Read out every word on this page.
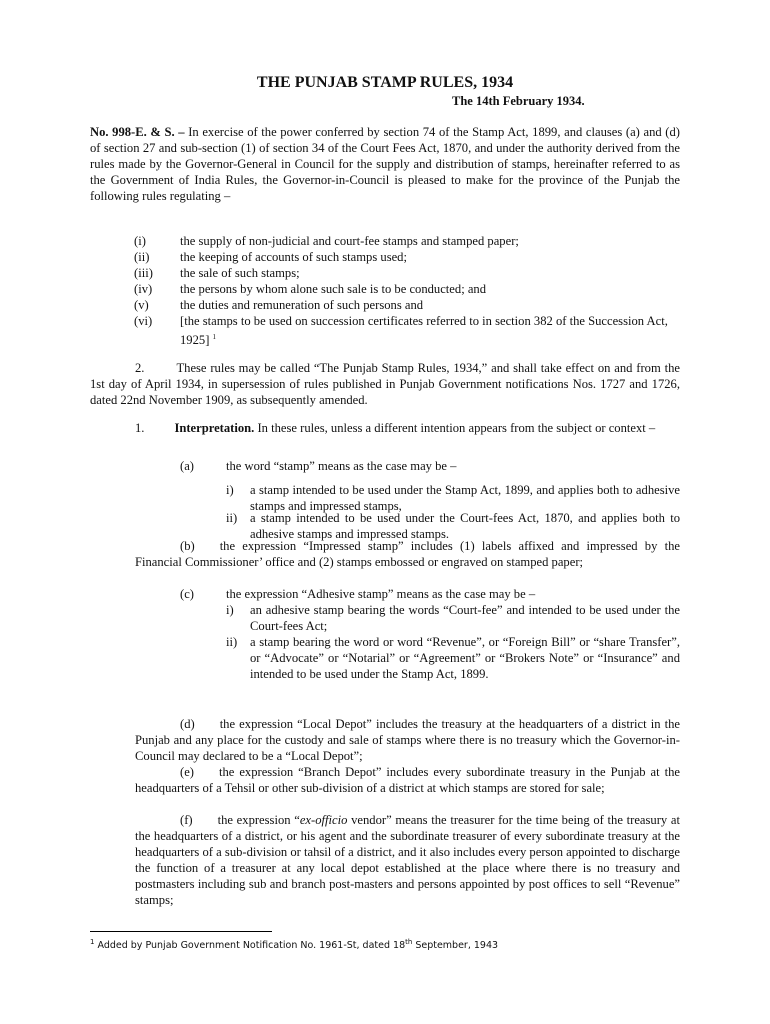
THE PUNJAB STAMP RULES, 1934
The 14th February 1934.

No. 998-E. & S. – In exercise of the power conferred by section 74 of the Stamp Act, 1899, and clauses (a) and (d) of section 27 and sub-section (1) of section 34 of the Court Fees Act, 1870, and under the authority derived from the rules made by the Governor-General in Council for the supply and distribution of stamps, hereinafter referred to as the Government of India Rules, the Governor-in-Council is pleased to make for the province of the Punjab the following rules regulating –

(i)	the supply of non-judicial and court-fee stamps and stamped paper;
(ii) the keeping of accounts of such stamps used;
(iii) the sale of such stamps;
(iv) the persons by whom alone such sale is to be conducted; and
(v) the duties and remuneration of such persons and
(vi) [the stamps to be used on succession certificates referred to in section 382 of the Succession Act, 1925] $^1$

2.	These rules may be called “The Punjab Stamp Rules, 1934,” and shall take effect on and from the 1st day of April 1934, in supersession of rules published in Punjab Government notifications Nos. 1727 and 1726, dated 22nd November 1909, as subsequently amended.

1. Interpretation. In these rules, unless a different intention appears from the subject or context –

(a)	the word “stamp” means as the case may be –
i) a stamp intended to be used under the Stamp Act, 1899, and applies both to adhesive stamps and impressed stamps,
ii) a stamp intended to be used under the Court-fees Act, 1870, and applies both to adhesive stamps and impressed stamps.

(b) the expression “Impressed stamp” includes (1) labels affixed and impressed by the Financial Commissioner’ office and (2) stamps embossed or engraved on stamped paper;

(c)	the expression “Adhesive stamp” means as the case may be –
i) an adhesive stamp bearing the words “Court-fee” and intended to be used under the Court-fees Act;
ii) a stamp bearing the word or word “Revenue”, or “Foreign Bill” or “share Transfer”, or “Advocate” or “Notarial” or “Agreement” or “Brokers Note” or “Insurance” and intended to be used under the Stamp Act, 1899.

(d) the expression “Local Depot” includes the treasury at the headquarters of a district in the Punjab and any place for the custody and sale of stamps where there is no treasury which the Governor-in-Council may declared to be a “Local Depot”;

(e) the expression “Branch Depot” includes every subordinate treasury in the Punjab at the headquarters of a Tehsil or other sub-division of a district at which stamps are stored for sale;

(f) the expression “ex-officio vendor” means the treasurer for the time being of the treasury at the headquarters of a district, or his agent and the subordinate treasurer of every subordinate treasury at the headquarters of a sub-division or tahsil of a district, and it also includes every person appointed to discharge the function of a treasurer at any local depot established at the place where there is no treasury and postmasters including sub and branch post-masters and persons appointed by post offices to sell “Revenue” stamps;

$^1$ Added by Punjab Government Notification No. 1961-St, dated 18th September, 1943
